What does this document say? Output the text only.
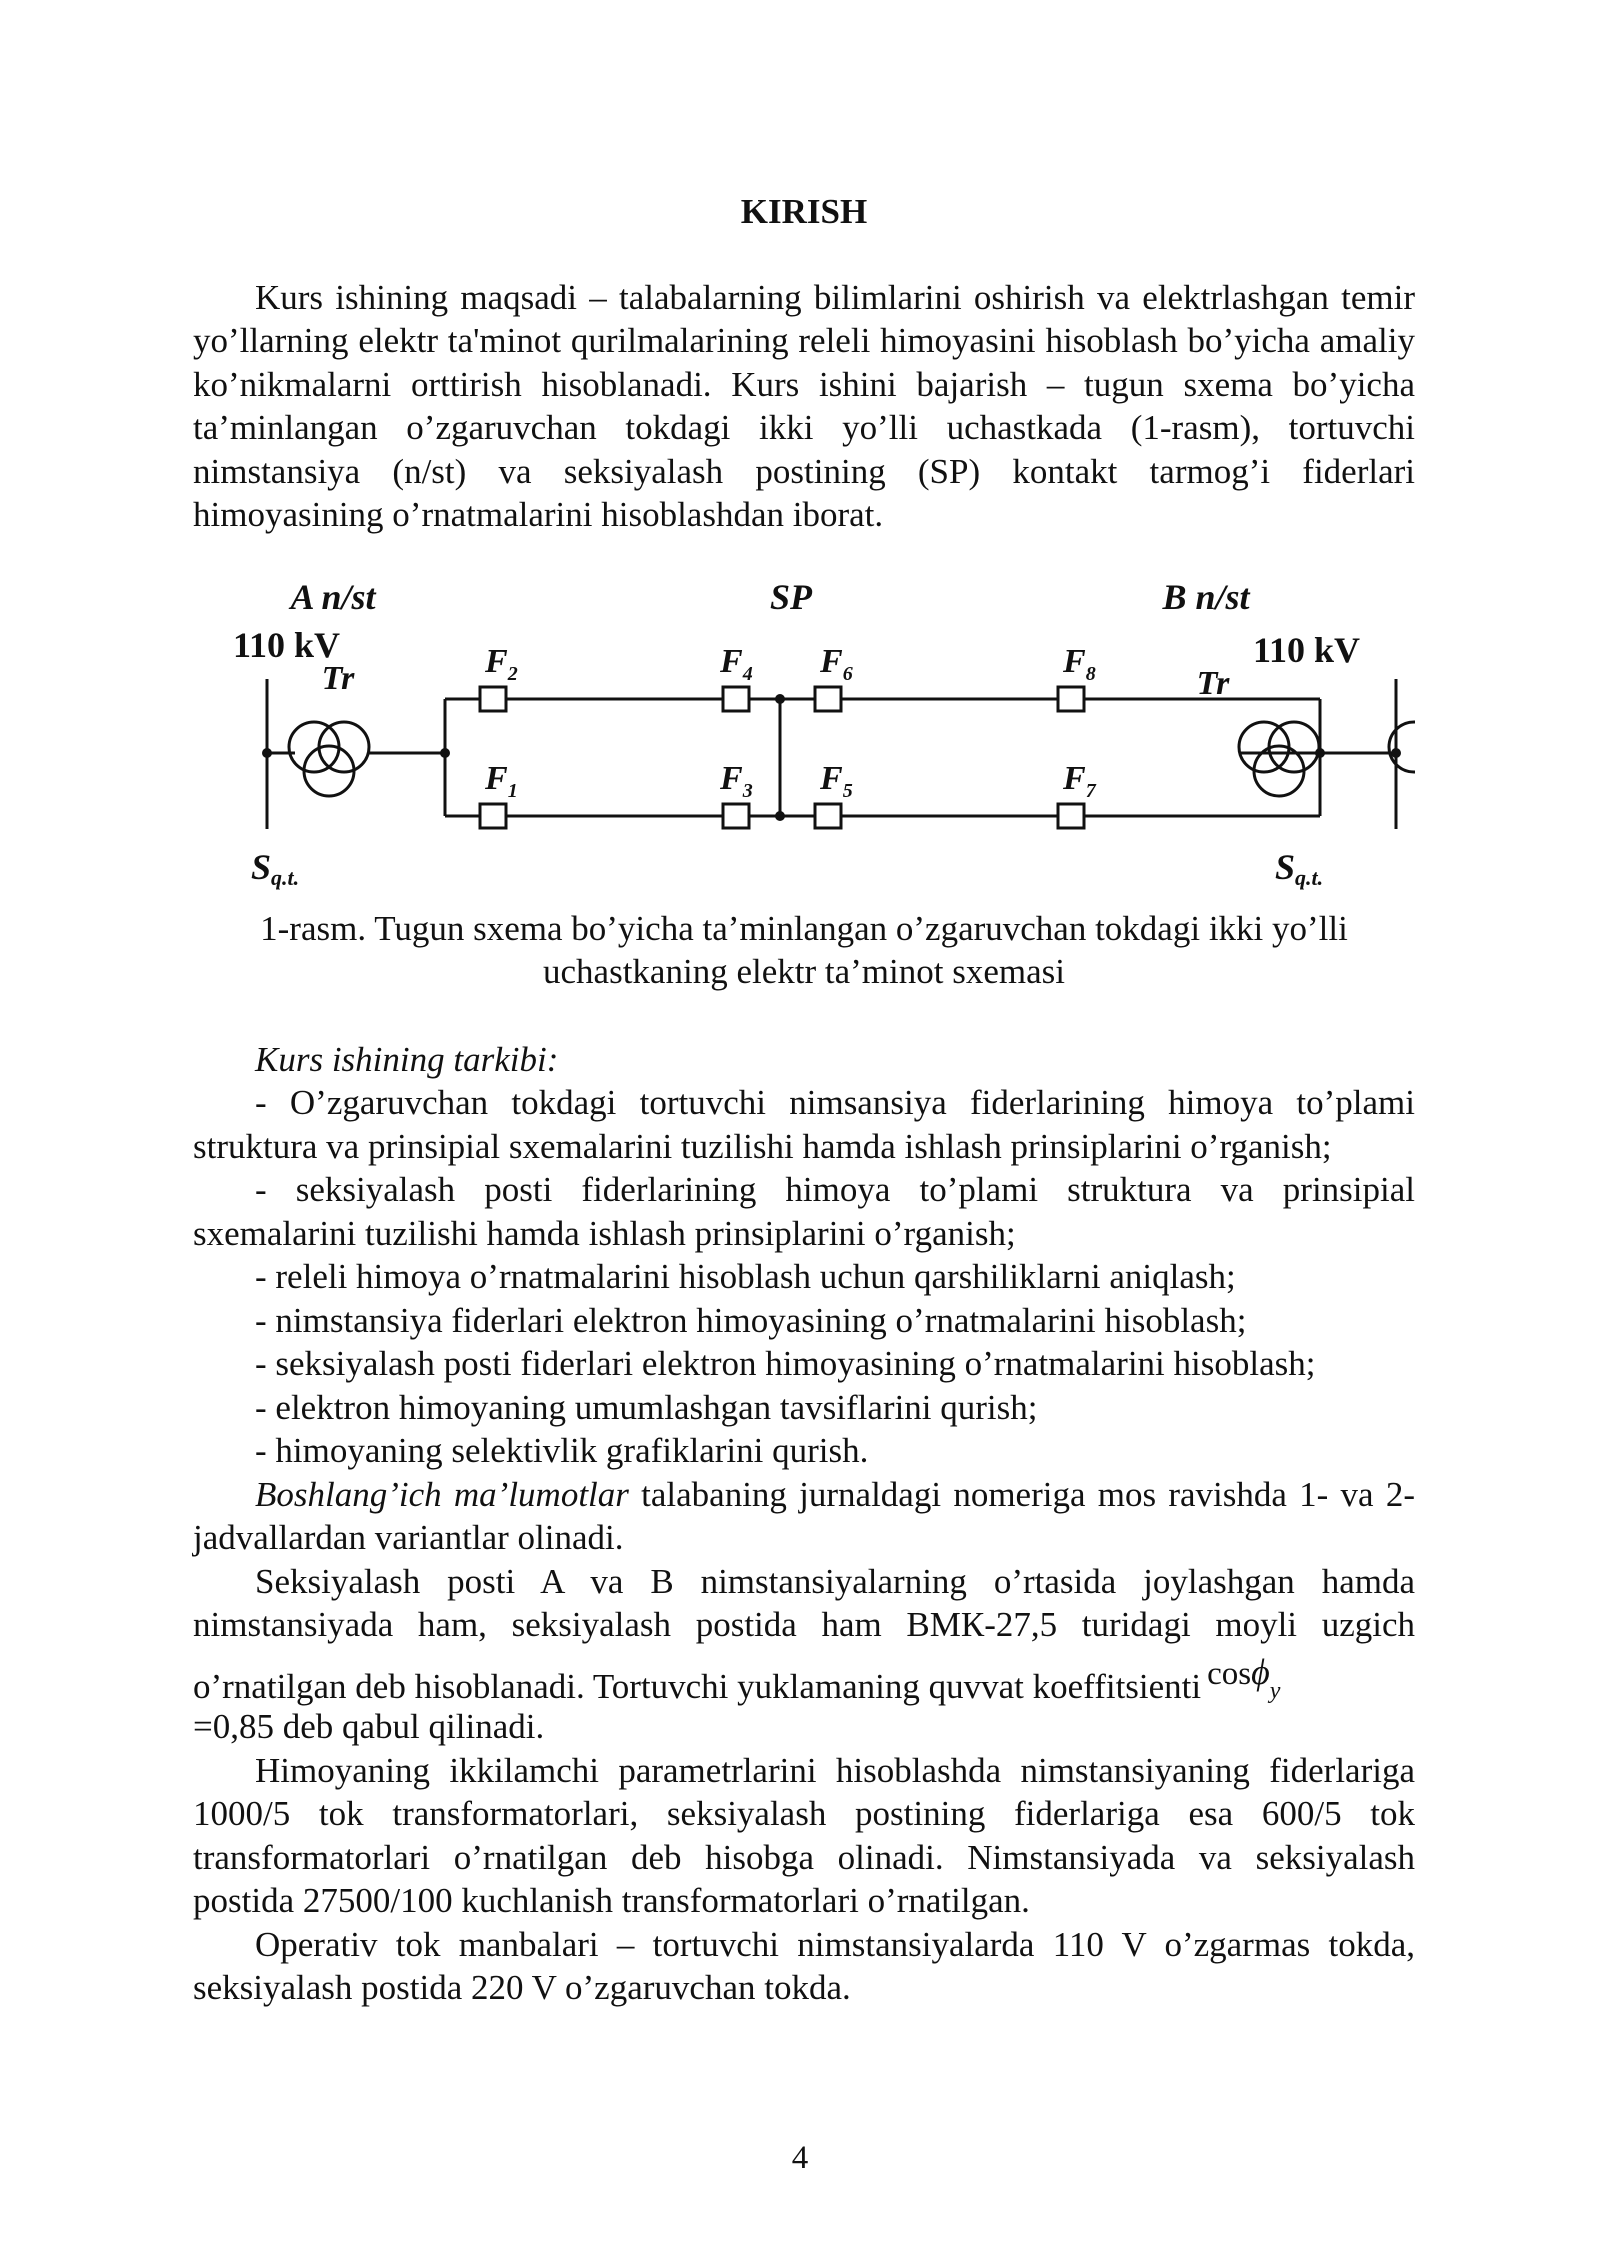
KIRISH

Kurs ishining maqsadi – talabalarning bilimlarini oshirish va elektrlashgan temir yo’llarning elektr ta'minot qurilmalarining releli himoyasini hisoblash bo’yicha amaliy ko’nikmalarni orttirish hisoblanadi. Kurs ishini bajarish – tugun sxema bo’yicha ta’minlangan o’zgaruvchan tokdagi ikki yo’lli uchastkada (1-rasm), tortuvchi nimstansiya (n/st) va seksiyalash postining (SP) kontakt tarmog’i fiderlari himoyasining o’rnatmalarini hisoblashdan iborat.

$F_1$
$F_2$
$F_3$
$F_4$
$F_5$
$F_6$
$F_7$
$F_8$
A n/st	SP	B n/st
110 kV	110 kV
Tr	Tr
Sq.t.	Sq.t.
1-rasm. Tugun sxema bo’yicha ta’minlangan o’zgaruvchan tokdagi ikki yo’lli uchastkaning elektr ta’minot sxemasi

Kurs ishining tarkibi:

- O’zgaruvchan tokdagi tortuvchi nimsansiya fiderlarining himoya to’plami struktura va prinsipial sxemalarini tuzilishi hamda ishlash prinsiplarini o’rganish;

- seksiyalash posti fiderlarining himoya to’plami struktura va prinsipial sxemalarini tuzilishi hamda ishlash prinsiplarini o’rganish;

- releli himoya o’rnatmalarini hisoblash uchun qarshiliklarni aniqlash;

- nimstansiya fiderlari elektron himoyasining o’rnatmalarini hisoblash;

- seksiyalash posti fiderlari elektron himoyasining o’rnatmalarini hisoblash;

- elektron himoyaning umumlashgan tavsiflarini qurish;

- himoyaning selektivlik grafiklarini qurish.

Boshlang’ich ma’lumotlar talabaning jurnaldagi nomeriga mos ravishda 1- va 2- jadvallardan variantlar olinadi.

Seksiyalash posti A va B nimstansiyalarning o’rtasida joylashgan hamda

nimstansiyada ham, seksiyalash postida ham ВМК-27,5 turidagi moyli uzgich
o’rnatilgan deb hisoblanadi. Tortuvchi yuklamaning quvvat koeffitsienti cosϕ$_y$
=0,85 deb qabul qilinadi.

Himoyaning ikkilamchi parametrlarini hisoblashda nimstansiyaning fiderlariga 1000/5 tok transformatorlari, seksiyalash postining fiderlariga esa 600/5 tok transformatorlari o’rnatilgan deb hisobga olinadi. Nimstansiyada va seksiyalash postida 27500/100 kuchlanish transformatorlari o’rnatilgan.

Operativ tok manbalari – tortuvchi nimstansiyalarda 110 V o’zgarmas tokda, seksiyalash postida 220 V o’zgaruvchan tokda.

4
